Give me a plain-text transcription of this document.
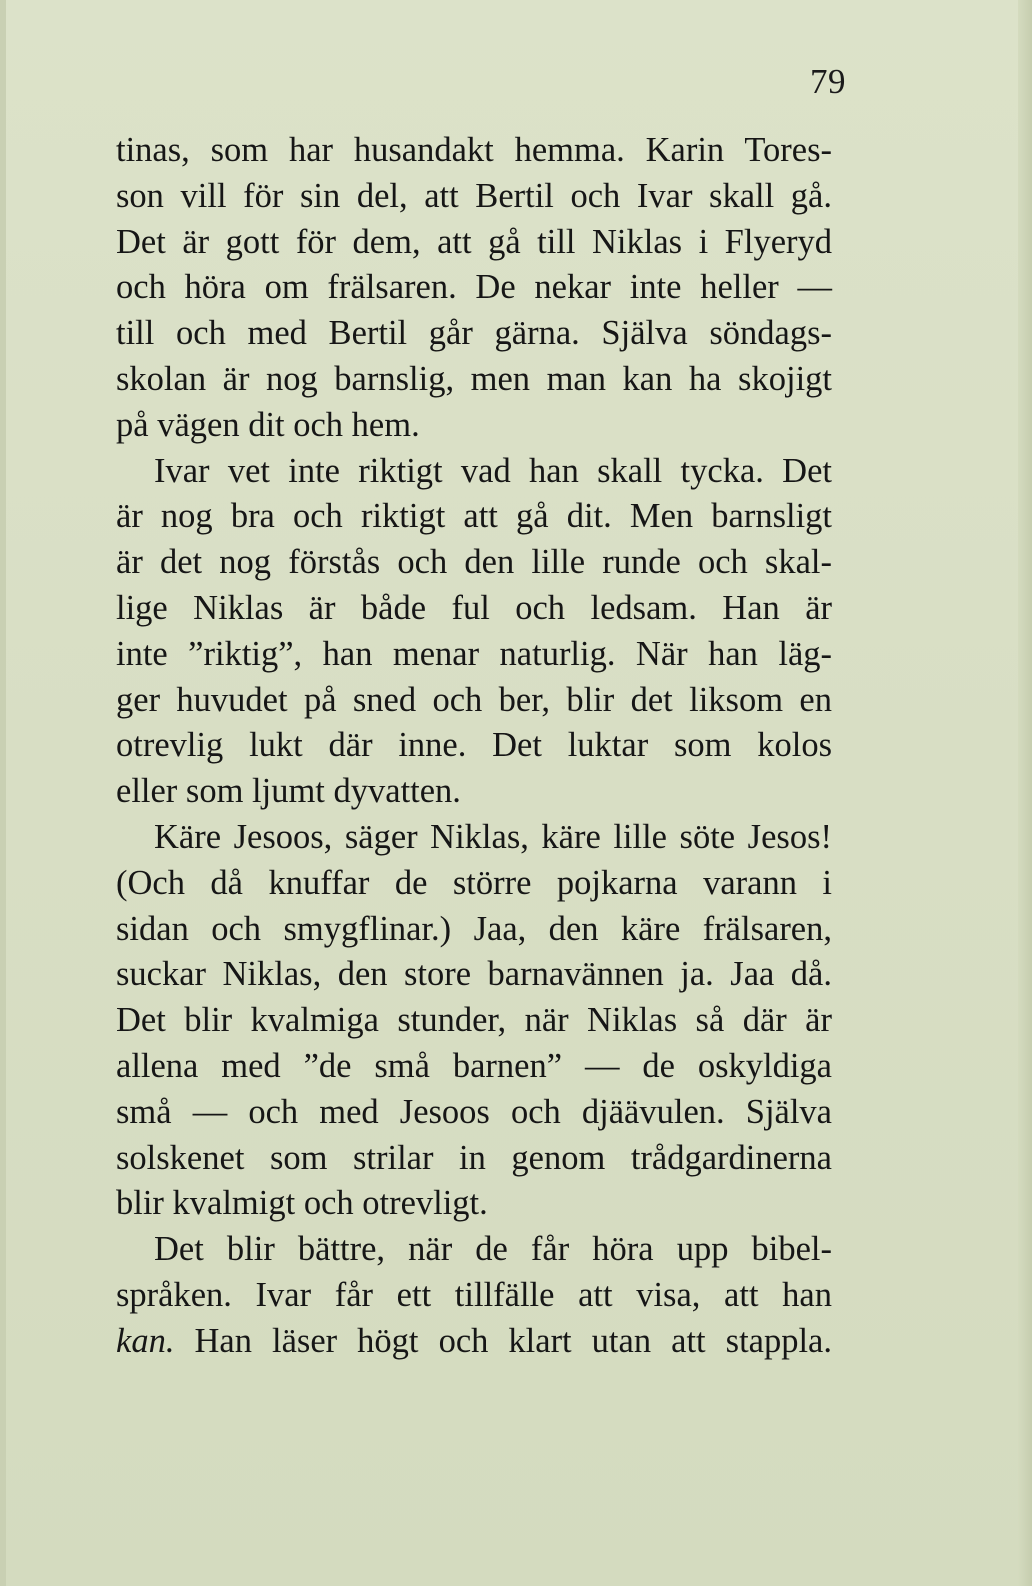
79
tinas, som har husandakt hemma. Karin Tores-
son vill för sin del, att Bertil och Ivar skall gå.
Det är gott för dem, att gå till Niklas i Flyeryd
och höra om frälsaren. De nekar inte heller —
till och med Bertil går gärna. Själva söndags-
skolan är nog barnslig, men man kan ha skojigt
på vägen dit och hem.
Ivar vet inte riktigt vad han skall tycka. Det
är nog bra och riktigt att gå dit. Men barnsligt
är det nog förstås och den lille runde och skal-
lige Niklas är både ful och ledsam. Han är
inte ”riktig”, han menar naturlig. När han läg-
ger huvudet på sned och ber, blir det liksom en
otrevlig lukt där inne. Det luktar som kolos
eller som ljumt dyvatten.
Käre Jesoos, säger Niklas, käre lille söte Jesos!
(Och då knuffar de större pojkarna varann i
sidan och smygflinar.) Jaa, den käre frälsaren,
suckar Niklas, den store barnavännen ja. Jaa då.
Det blir kvalmiga stunder, när Niklas så där är
allena med ”de små barnen” — de oskyldiga
små — och med Jesoos och djäävulen. Själva
solskenet som strilar in genom trådgardinerna
blir kvalmigt och otrevligt.
Det blir bättre, när de får höra upp bibel-
språken. Ivar får ett tillfälle att visa, att han
kan. Han läser högt och klart utan att stappla.
